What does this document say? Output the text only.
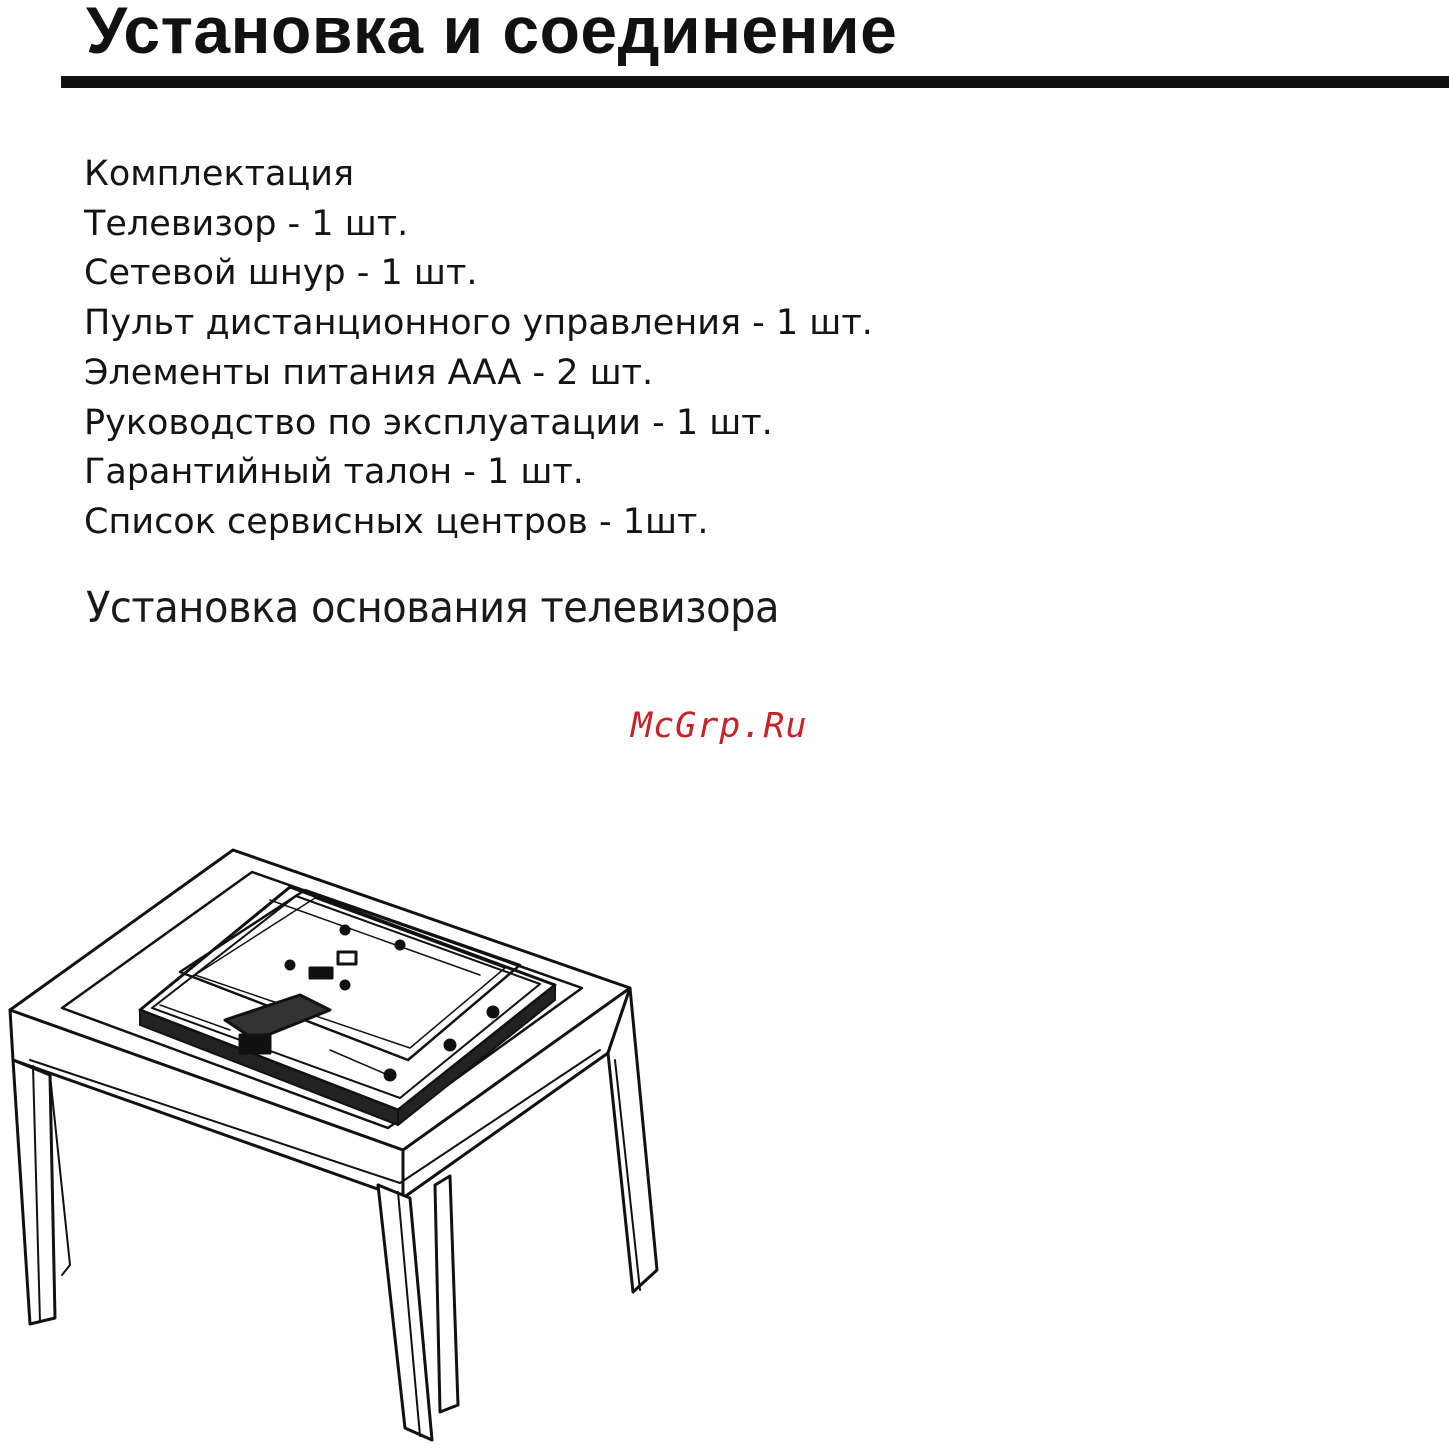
Установка и соединение
Комплектация
Телевизор - 1 шт.
Сетевой шнур - 1 шт.
Пульт дистанционного управления - 1 шт.
Элементы питания AAA - 2 шт.
Руководство по эксплуатации - 1 шт.
Гарантийный талон - 1 шт.
Список сервисных центров - 1шт.
Установка основания телевизора
McGrp.Ru
